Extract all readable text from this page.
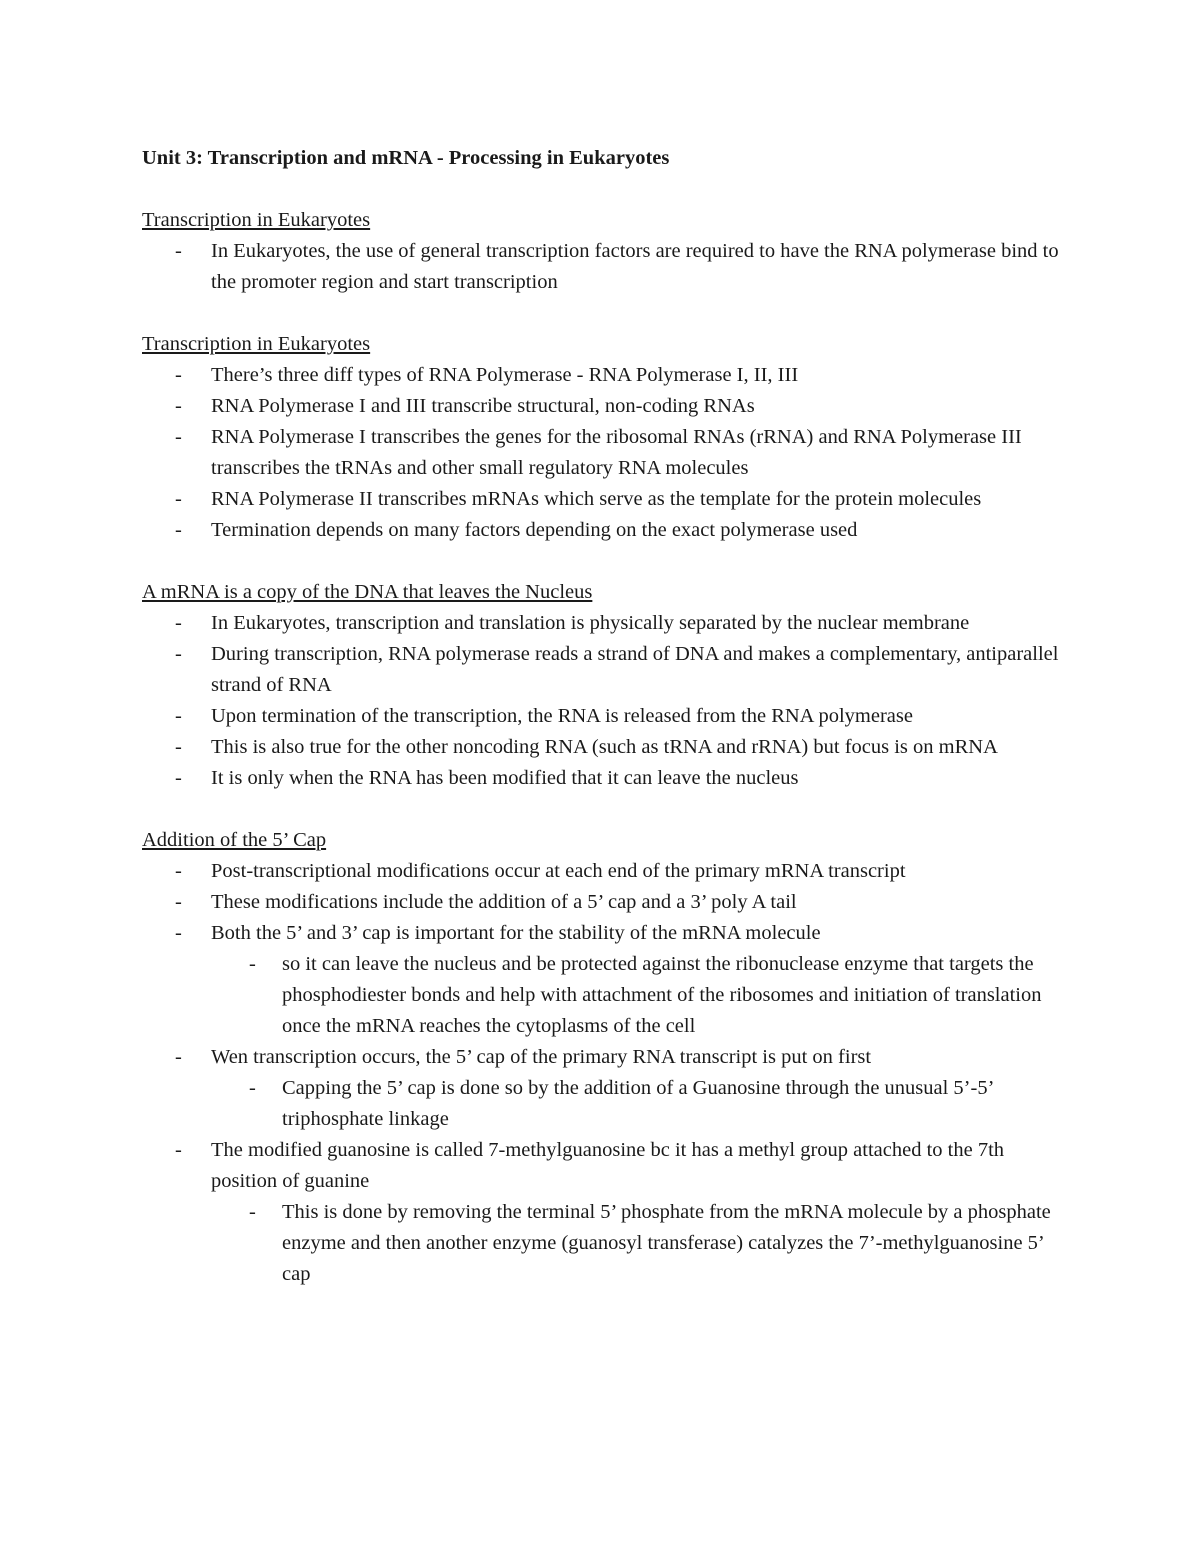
Unit 3: Transcription and mRNA - Processing in Eukaryotes

Transcription in Eukaryotes

- In Eukaryotes, the use of general transcription factors are required to have the RNA polymerase bind to the promoter region and start transcription

Transcription in Eukaryotes

- There’s three diff types of RNA Polymerase - RNA Polymerase I, II, III
- RNA Polymerase I and III transcribe structural, non-coding RNAs
- RNA Polymerase I transcribes the genes for the ribosomal RNAs (rRNA) and RNA Polymerase III transcribes the tRNAs and other small regulatory RNA molecules
- RNA Polymerase II transcribes mRNAs which serve as the template for the protein molecules
- Termination depends on many factors depending on the exact polymerase used

A mRNA is a copy of the DNA that leaves the Nucleus

- In Eukaryotes, transcription and translation is physically separated by the nuclear membrane
- During transcription, RNA polymerase reads a strand of DNA and makes a complementary, antiparallel strand of RNA
- Upon termination of the transcription, the RNA is released from the RNA polymerase
- This is also true for the other noncoding RNA (such as tRNA and rRNA) but focus is on mRNA
- It is only when the RNA has been modified that it can leave the nucleus

Addition of the 5’ Cap

- Post-transcriptional modifications occur at each end of the primary mRNA transcript
- These modifications include the addition of a 5’ cap and a 3’ poly A tail
- Both the 5’ and 3’ cap is important for the stability of the mRNA molecule
- so it can leave the nucleus and be protected against the ribonuclease enzyme that targets the phosphodiester bonds and help with attachment of the ribosomes and initiation of translation once the mRNA reaches the cytoplasms of the cell
- Wen transcription occurs, the 5’ cap of the primary RNA transcript is put on first
- Capping the 5’ cap is done so by the addition of a Guanosine through the unusual 5’-5’ triphosphate linkage
- The modified guanosine is called 7-methylguanosine bc it has a methyl group attached to the 7th position of guanine
- This is done by removing the terminal 5’ phosphate from the mRNA molecule by a phosphate enzyme and then another enzyme (guanosyl transferase) catalyzes the 7’-methylguanosine 5’ cap
